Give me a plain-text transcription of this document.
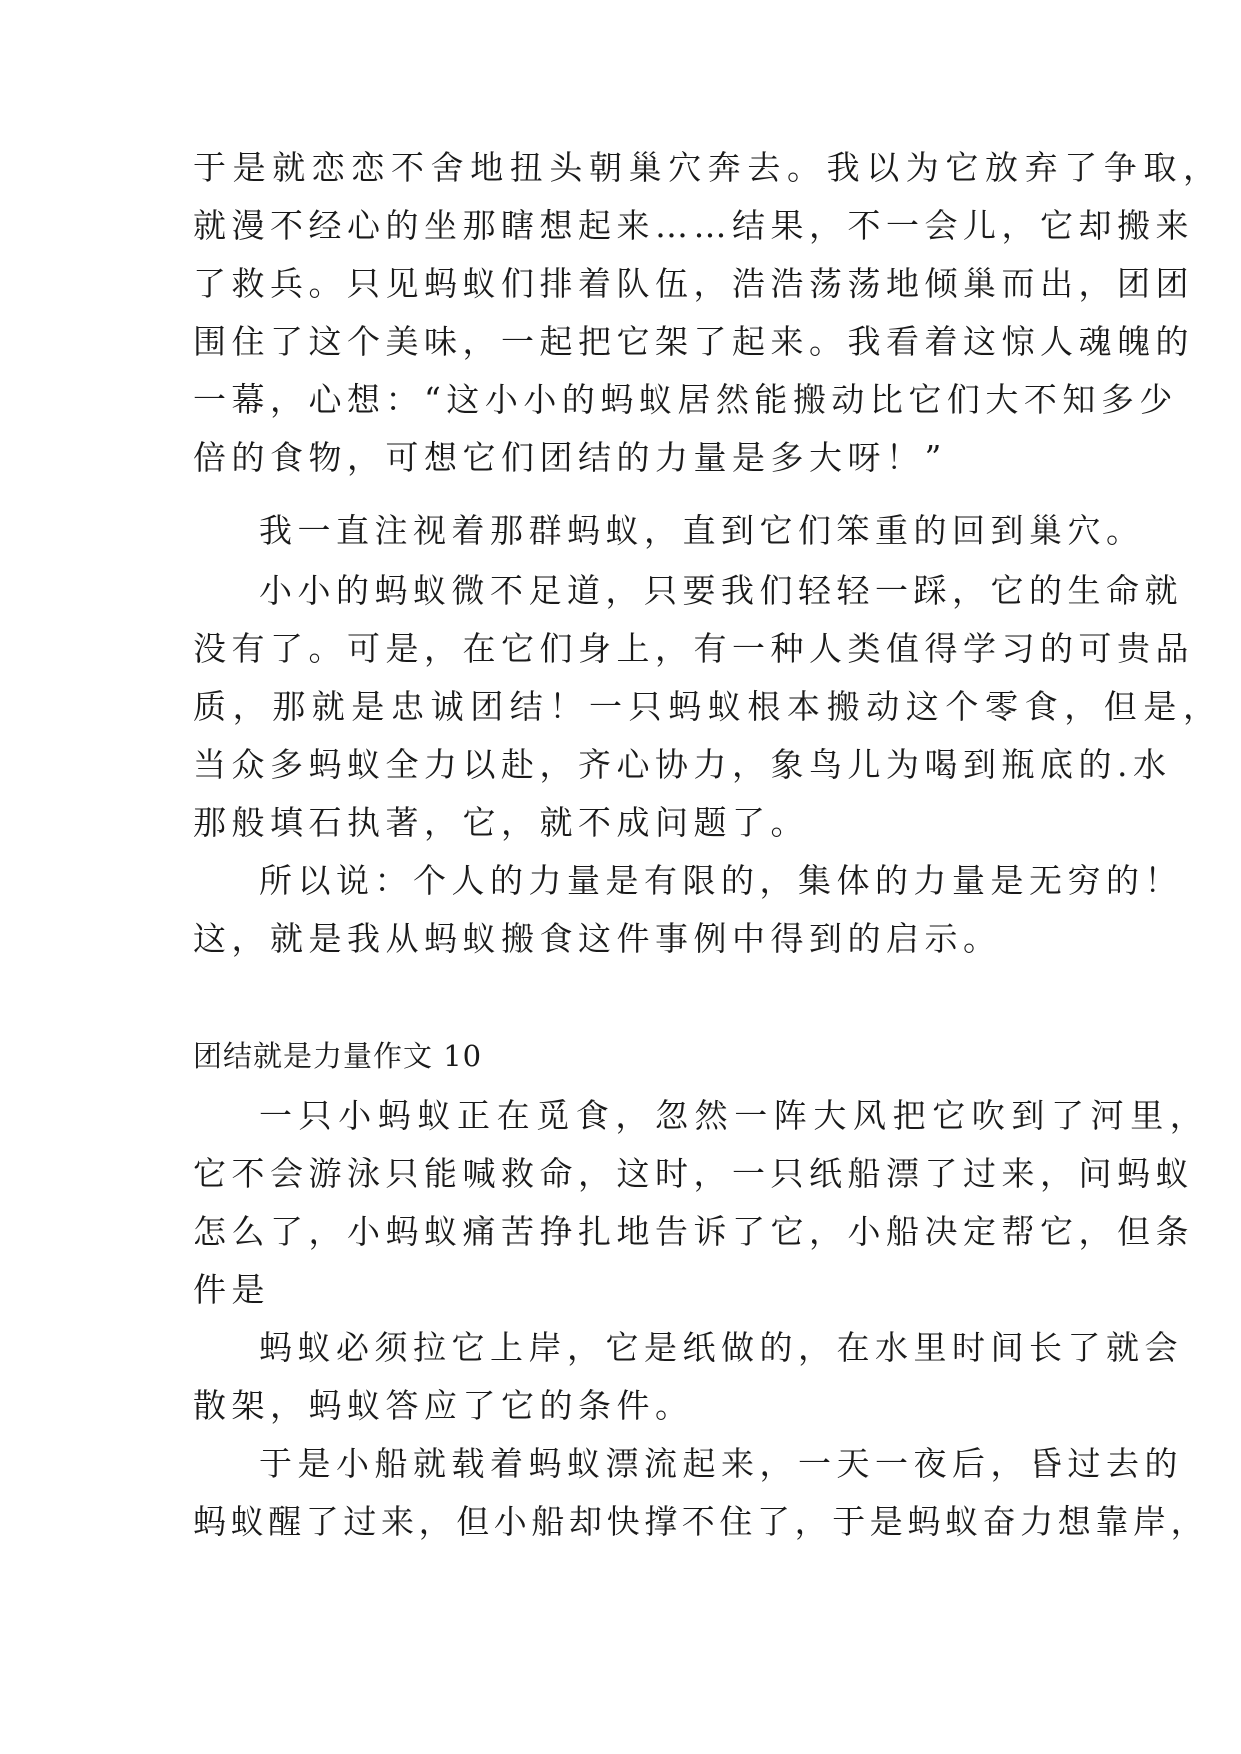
于是就恋恋不舍地扭头朝巢穴奔去。我以为它放弃了争取，
就漫不经心的坐那瞎想起来……结果，不一会儿，它却搬来
了救兵。只见蚂蚁们排着队伍，浩浩荡荡地倾巢而出，团团
围住了这个美味，一起把它架了起来。我看着这惊人魂魄的
一幕，心想：“这小小的蚂蚁居然能搬动比它们大不知多少
倍的食物，可想它们团结的力量是多大呀！”
我一直注视着那群蚂蚁，直到它们笨重的回到巢穴。
小小的蚂蚁微不足道，只要我们轻轻一踩，它的生命就
没有了。可是，在它们身上，有一种人类值得学习的可贵品
质，那就是忠诚团结！一只蚂蚁根本搬动这个零食，但是，
当众多蚂蚁全力以赴，齐心协力，象鸟儿为喝到瓶底的.水
那般填石执著，它，就不成问题了。
所以说：个人的力量是有限的，集体的力量是无穷的！
这，就是我从蚂蚁搬食这件事例中得到的启示。
团结就是力量作文 10
一只小蚂蚁正在觅食，忽然一阵大风把它吹到了河里，
它不会游泳只能喊救命，这时，一只纸船漂了过来，问蚂蚁
怎么了，小蚂蚁痛苦挣扎地告诉了它，小船决定帮它，但条
件是
蚂蚁必须拉它上岸，它是纸做的，在水里时间长了就会
散架，蚂蚁答应了它的条件。
于是小船就载着蚂蚁漂流起来，一天一夜后，昏过去的
蚂蚁醒了过来，但小船却快撑不住了，于是蚂蚁奋力想靠岸，
